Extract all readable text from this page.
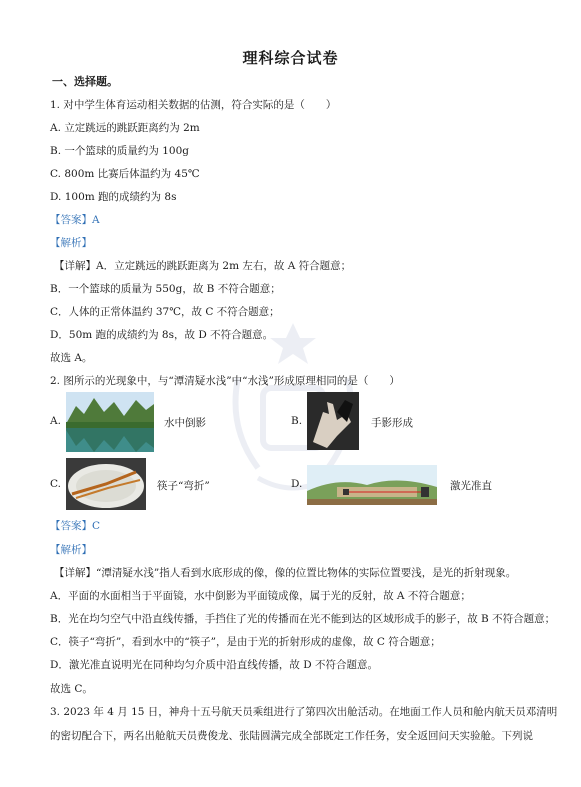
理科综合试卷
一、选择题。
1. 对中学生体育运动相关数据的估测，符合实际的是（　　）
A. 立定跳远的跳跃距离约为 2m
B. 一个篮球的质量约为 100g
C. 800m 比赛后体温约为 45℃
D. 100m 跑的成绩约为 8s
【答案】A
【解析】
【详解】A．立定跳远的跳跃距离为 2m 左右，故 A 符合题意；
B．一个篮球的质量为 550g，故 B 不符合题意；
C．人体的正常体温约 37℃，故 C 不符合题意；
D．50m 跑的成绩约为 8s，故 D 不符合题意。
故选 A。
2. 图所示的光现象中，与“潭清疑水浅”中“水浅”形成原理相同的是（　　）
A.	水中倒影	B.	手影形成
C.	筷子“弯折”	D.	激光准直
【答案】C
【解析】
【详解】“潭清疑水浅”指人看到水底形成的像，像的位置比物体的实际位置要浅，是光的折射现象。
A．平面的水面相当于平面镜，水中倒影为平面镜成像，属于光的反射，故 A 不符合题意；
B．光在均匀空气中沿直线传播，手挡住了光的传播而在光不能到达的区域形成手的影子，故 B 不符合题意；
C．筷子“弯折”，看到水中的“筷子”，是由于光的折射形成的虚像，故 C 符合题意；
D．激光准直说明光在同种均匀介质中沿直线传播，故 D 不符合题意。
故选 C。
3. 2023 年 4 月 15 日，神舟十五号航天员乘组进行了第四次出舱活动。在地面工作人员和舱内航天员邓清明
的密切配合下，两名出舱航天员费俊龙、张陆圆满完成全部既定工作任务，安全返回问天实验舱。下列说
